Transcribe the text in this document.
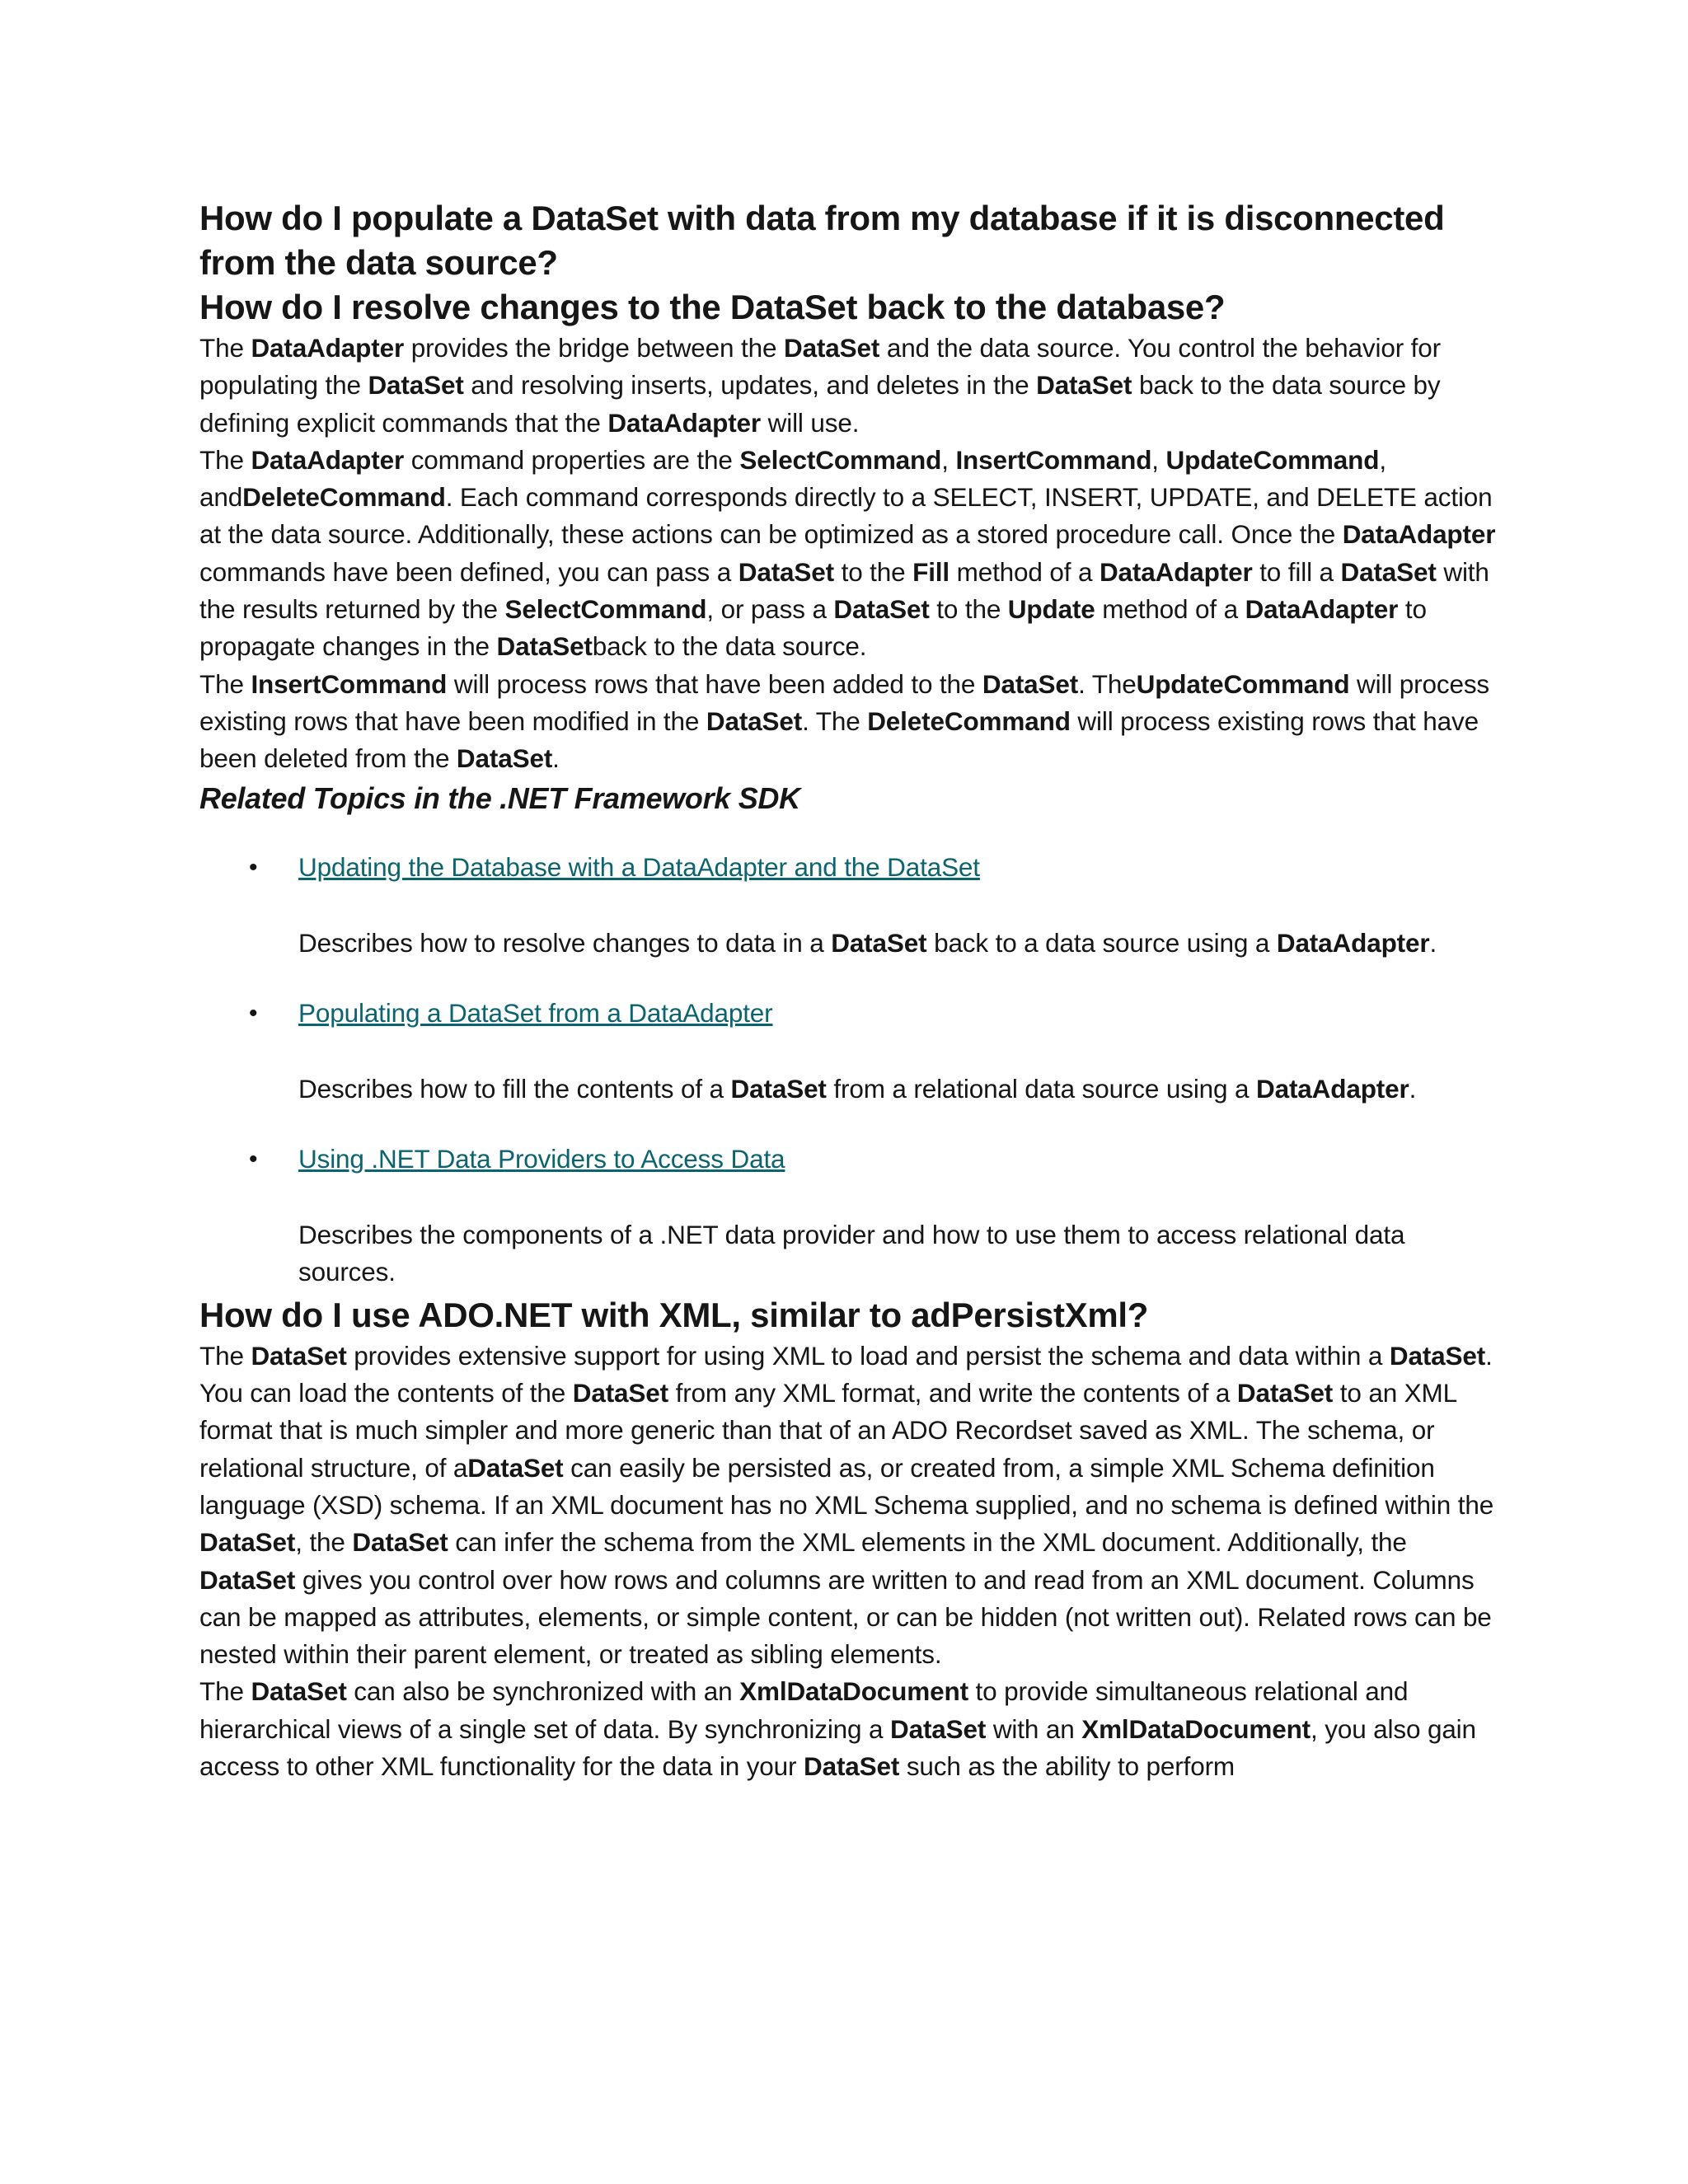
How do I populate a DataSet with data from my database if it is disconnected from the data source?
How do I resolve changes to the DataSet back to the database?

The DataAdapter provides the bridge between the DataSet and the data source. You control the behavior for populating the DataSet and resolving inserts, updates, and deletes in the DataSet back to the data source by defining explicit commands that the DataAdapter will use.

The DataAdapter command properties are the SelectCommand, InsertCommand, UpdateCommand, andDeleteCommand. Each command corresponds directly to a SELECT, INSERT, UPDATE, and DELETE action at the data source. Additionally, these actions can be optimized as a stored procedure call. Once the DataAdapter commands have been defined, you can pass a DataSet to the Fill method of a DataAdapter to fill a DataSet with the results returned by the SelectCommand, or pass a DataSet to the Update method of a DataAdapter to propagate changes in the DataSetback to the data source.

The InsertCommand will process rows that have been added to the DataSet. TheUpdateCommand will process existing rows that have been modified in the DataSet. The DeleteCommand will process existing rows that have been deleted from the DataSet.

Related Topics in the .NET Framework SDK
• Updating the Database with a DataAdapter and the DataSet

Describes how to resolve changes to data in a DataSet back to a data source using a DataAdapter.

• Populating a DataSet from a DataAdapter

Describes how to fill the contents of a DataSet from a relational data source using a DataAdapter.

• Using .NET Data Providers to Access Data

Describes the components of a .NET data provider and how to use them to access relational data sources.

How do I use ADO.NET with XML, similar to adPersistXml?

The DataSet provides extensive support for using XML to load and persist the schema and data within a DataSet. You can load the contents of the DataSet from any XML format, and write the contents of a DataSet to an XML format that is much simpler and more generic than that of an ADO Recordset saved as XML. The schema, or relational structure, of aDataSet can easily be persisted as, or created from, a simple XML Schema definition language (XSD) schema. If an XML document has no XML Schema supplied, and no schema is defined within the DataSet, the DataSet can infer the schema from the XML elements in the XML document. Additionally, the DataSet gives you control over how rows and columns are written to and read from an XML document. Columns can be mapped as attributes, elements, or simple content, or can be hidden (not written out). Related rows can be nested within their parent element, or treated as sibling elements.

The DataSet can also be synchronized with an XmlDataDocument to provide simultaneous relational and hierarchical views of a single set of data. By synchronizing a DataSet with an XmlDataDocument, you also gain access to other XML functionality for the data in your DataSet such as the ability to perform
